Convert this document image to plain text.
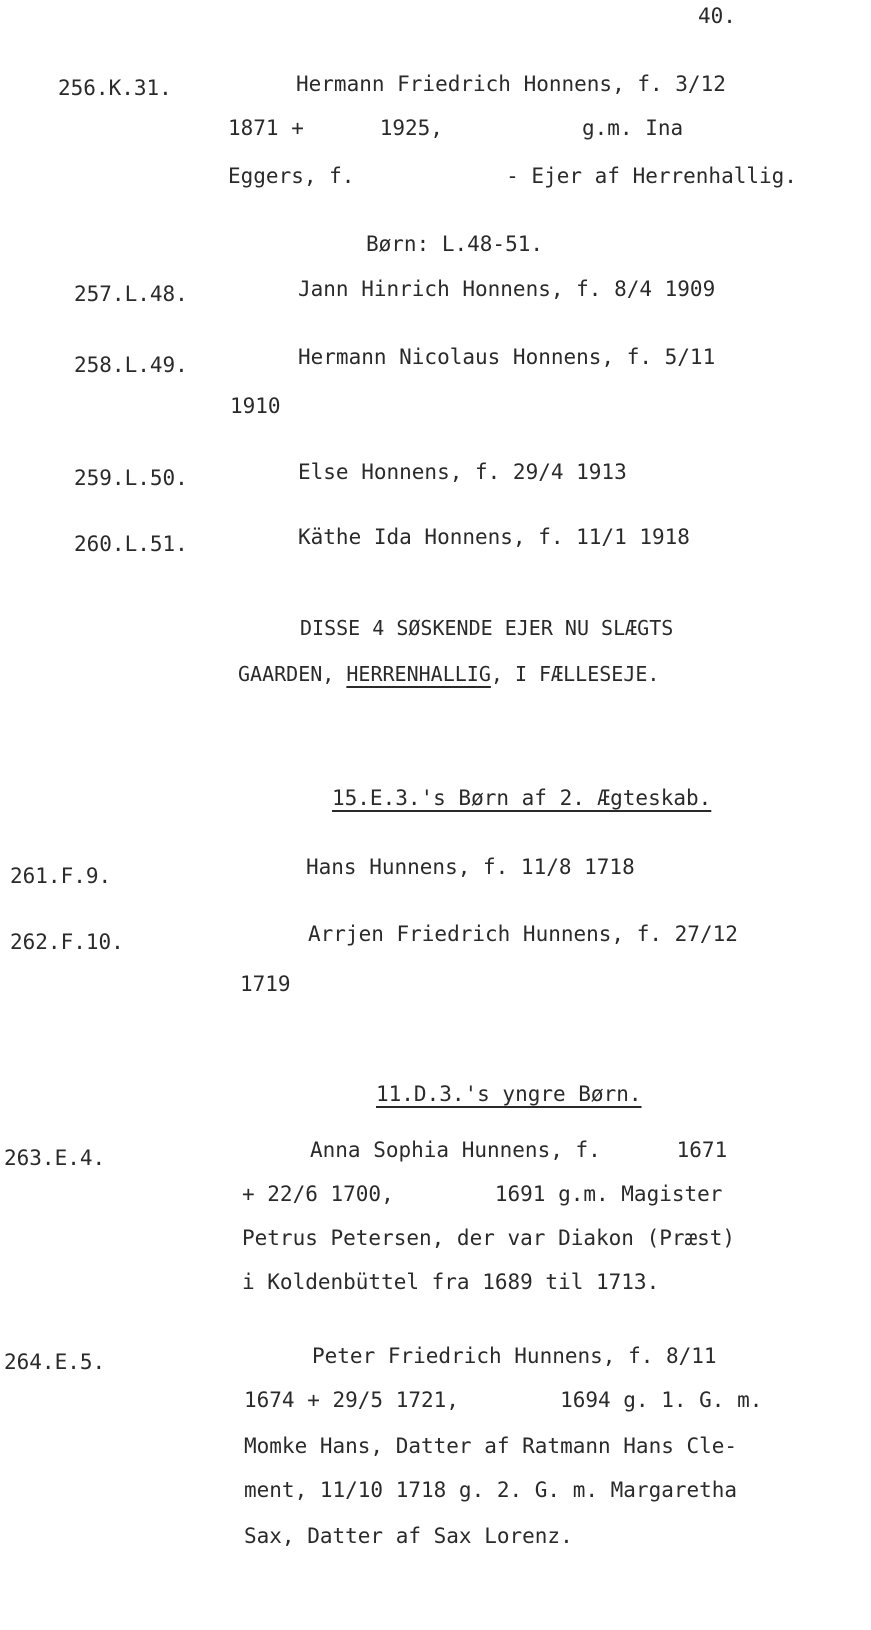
40.
256.K.31.	Hermann Friedrich Honnens, f. 3/12
1871 +      1925,           g.m. Ina
Eggers, f.            - Ejer af Herrenhallig.
Børn: L.48-51.
257.L.48.	Jann Hinrich Honnens, f. 8/4 1909
258.L.49.	Hermann Nicolaus Honnens, f. 5/11
1910
259.L.50.	Else Honnens, f. 29/4 1913
260.L.51.	Käthe Ida Honnens, f. 11/1 1918
DISSE 4 SØSKENDE EJER NU SLÆGTS
GAARDEN, HERRENHALLIG, I FÆLLESEJE.
15.E.3.'s Børn af 2. Ægteskab.
261.F.9.	Hans Hunnens, f. 11/8 1718
262.F.10.	Arrjen Friedrich Hunnens, f. 27/12
1719
11.D.3.'s yngre Børn.
263.E.4.	Anna Sophia Hunnens, f.      1671
+ 22/6 1700,        1691 g.m. Magister
Petrus Petersen, der var Diakon (Præst)
i Koldenbüttel fra 1689 til 1713.
264.E.5.	Peter Friedrich Hunnens, f. 8/11
1674 + 29/5 1721,        1694 g. 1. G. m.
Momke Hans, Datter af Ratmann Hans Cle-
ment, 11/10 1718 g. 2. G. m. Margaretha
Sax, Datter af Sax Lorenz.
